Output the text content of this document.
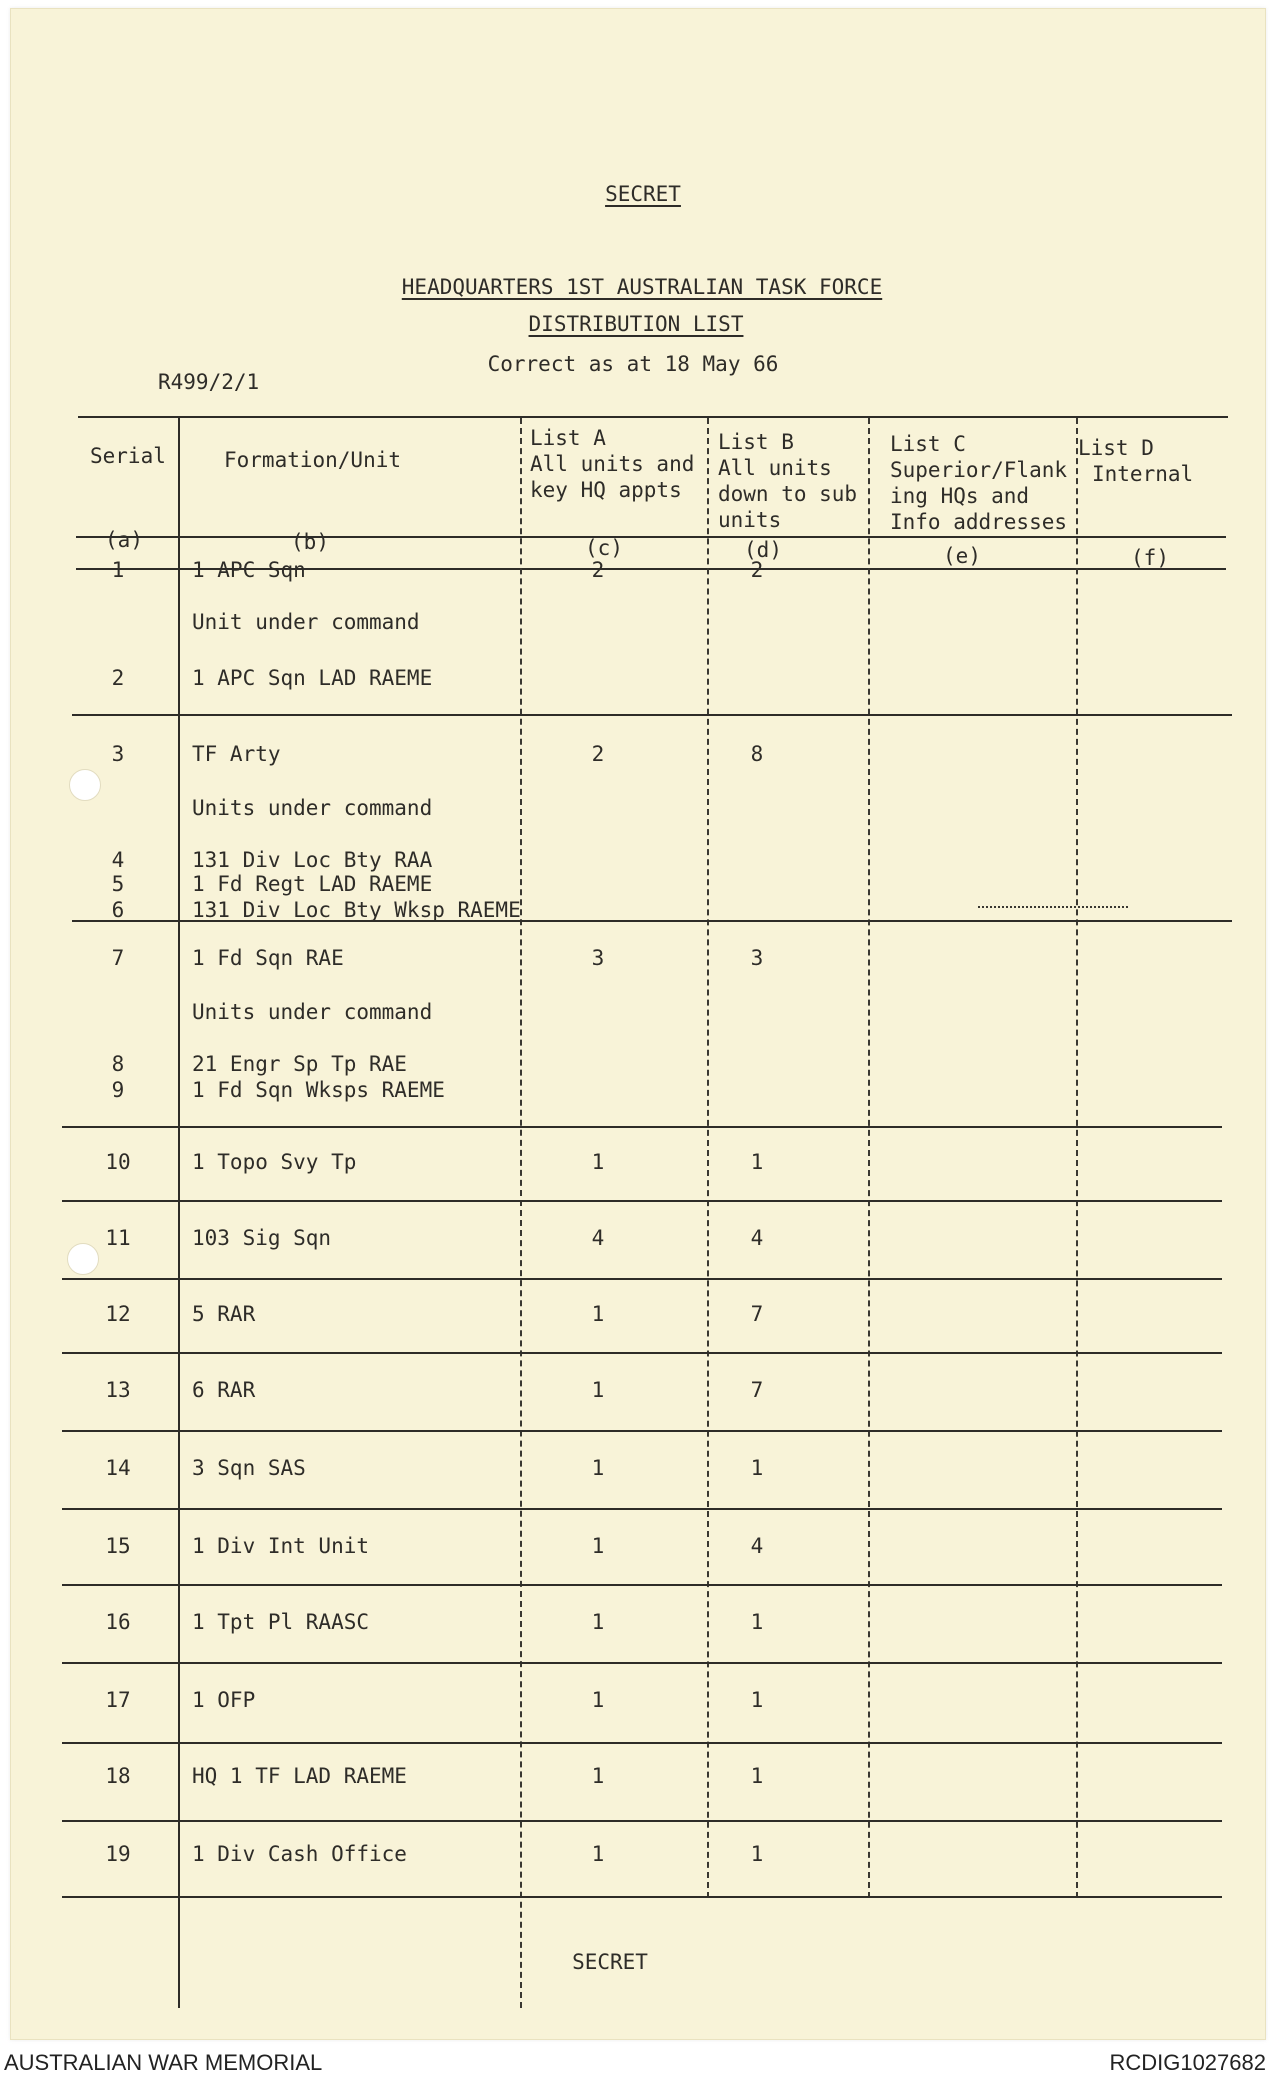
SECRET
HEADQUARTERS 1ST AUSTRALIAN TASK FORCE
DISTRIBUTION LIST
Correct as at 18 May 66
R499/2/1
Serial	Formation/Unit
List A
All units and
key HQ appts
List B
All units
down to sub
units
List C
Superior/Flank
ing HQs and
Info addresses
List D
Internal
(a)	(b)	(c)	(d)	(e)	(f)
1	1 APC Sqn	2	2
Unit under command
2	1 APC Sqn LAD RAEME
3	TF Arty	2	8
Units under command
4	131 Div Loc Bty RAA
5	1 Fd Regt LAD RAEME
6	131 Div Loc Bty Wksp RAEME
7	1 Fd Sqn RAE	3	3
Units under command
8	21 Engr Sp Tp RAE
9	1 Fd Sqn Wksps RAEME
10	1 Topo Svy Tp	1	1
11	103 Sig Sqn	4	4
12	5 RAR	1	7
13	6 RAR	1	7
14	3 Sqn SAS	1	1
15	1 Div Int Unit	1	4
16	1 Tpt Pl RAASC	1	1
17	1 OFP	1	1
18	HQ 1 TF LAD RAEME	1	1
19	1 Div Cash Office	1	1
SECRET
AUSTRALIAN WAR MEMORIAL	RCDIG1027682
